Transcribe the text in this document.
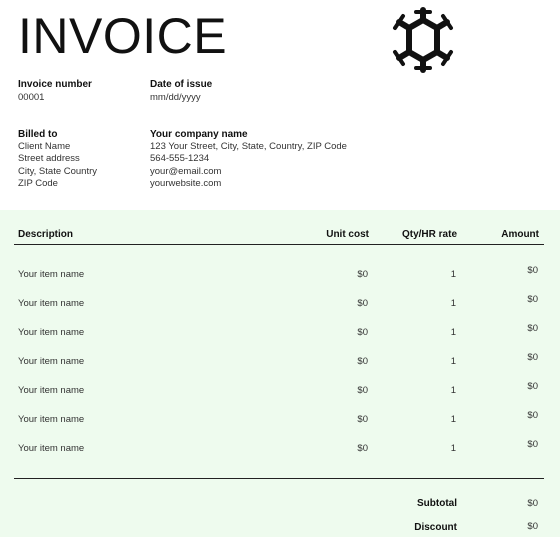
INVOICE
Invoice number
00001
Date of issue
mm/dd/yyyy
Billed to
Client Name
Street address
City, State Country
ZIP Code
Your company name
123 Your Street, City, State, Country, ZIP Code
564-555-1234
your@email.com
yourwebsite.com
Description	Unit cost	Qty/HR rate	Amount
Your item name	$0	1	$0
Your item name	$0	1	$0
Your item name	$0	1	$0
Your item name	$0	1	$0
Your item name	$0	1	$0
Your item name	$0	1	$0
Your item name	$0	1	$0
Subtotal	$0
Discount	$0
